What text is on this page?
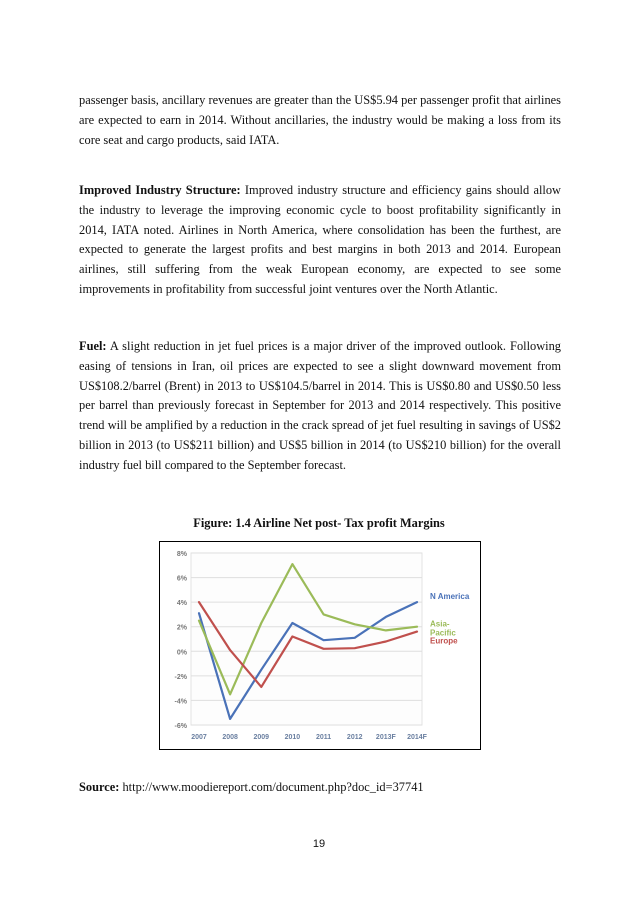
passenger basis, ancillary revenues are greater than the US$5.94 per passenger profit that airlines are expected to earn in 2014. Without ancillaries, the industry would be making a loss from its core seat and cargo products, said IATA.
Improved Industry Structure: Improved industry structure and efficiency gains should allow the industry to leverage the improving economic cycle to boost profitability significantly in 2014, IATA noted. Airlines in North America, where consolidation has been the furthest, are expected to generate the largest profits and best margins in both 2013 and 2014. European airlines, still suffering from the weak European economy, are expected to see some improvements in profitability from successful joint ventures over the North Atlantic.
Fuel: A slight reduction in jet fuel prices is a major driver of the improved outlook. Following easing of tensions in Iran, oil prices are expected to see a slight downward movement from US$108.2/barrel (Brent) in 2013 to US$104.5/barrel in 2014. This is US$0.80 and US$0.50 less per barrel than previously forecast in September for 2013 and 2014 respectively. This positive trend will be amplified by a reduction in the crack spread of jet fuel resulting in savings of US$2 billion in 2013 (to US$211 billion) and US$5 billion in 2014 (to US$210 billion) for the overall industry fuel bill compared to the September forecast.
Figure: 1.4 Airline Net post- Tax profit Margins
8%
6%
4%
2%
0%
-2%
-4%
-6%
2007 2008 2009 2010 2011 2012 2013F 2014F
N America
Asia-Pacific
Europe
Source: http://www.moodiereport.com/document.php?doc_id=37741
19
